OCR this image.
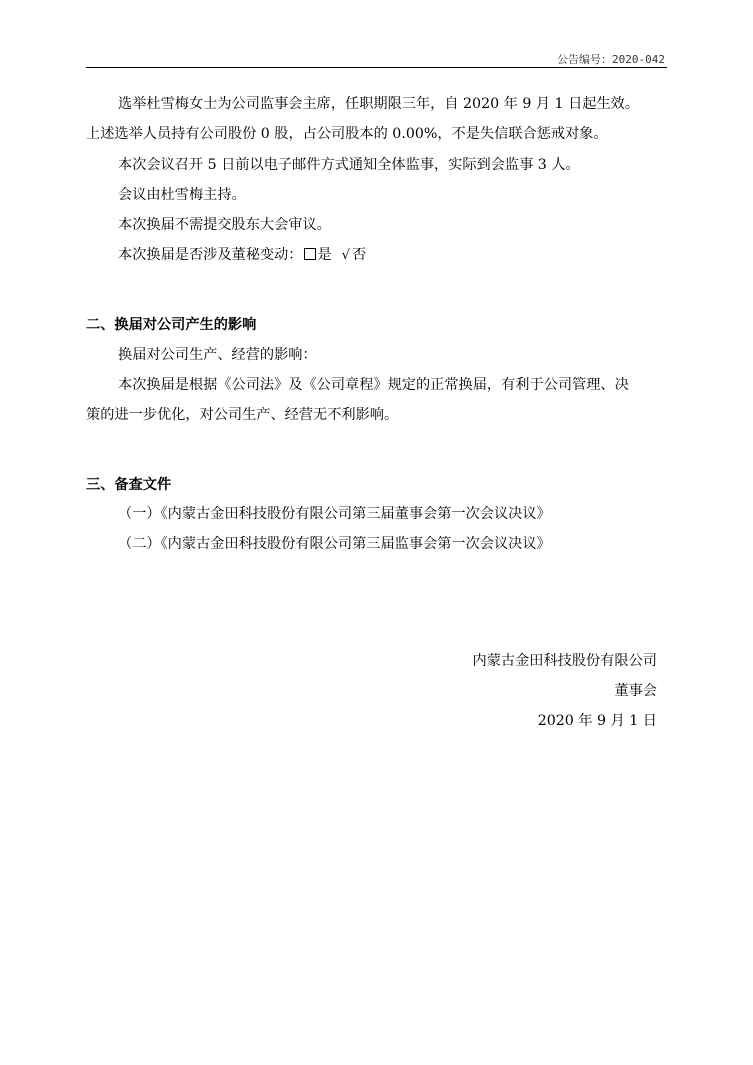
公告编号：2020-042
选举杜雪梅女士为公司监事会主席，任职期限三年，自 2020 年 9 月 1 日起生效。
上述选举人员持有公司股份 0 股，占公司股本的 0.00%，不是失信联合惩戒对象。
本次会议召开 5 日前以电子邮件方式通知全体监事，实际到会监事 3 人。
会议由杜雪梅主持。
本次换届不需提交股东大会审议。
本次换届是否涉及董秘变动： 是 √ 否
二、换届对公司产生的影响
换届对公司生产、经营的影响：
本次换届是根据《公司法》及《公司章程》规定的正常换届，有利于公司管理、决
策的进一步优化，对公司生产、经营无不利影响。
三、备查文件
（一）《内蒙古金田科技股份有限公司第三届董事会第一次会议决议》
（二）《内蒙古金田科技股份有限公司第三届监事会第一次会议决议》
内蒙古金田科技股份有限公司
董事会
2020 年 9 月 1 日
